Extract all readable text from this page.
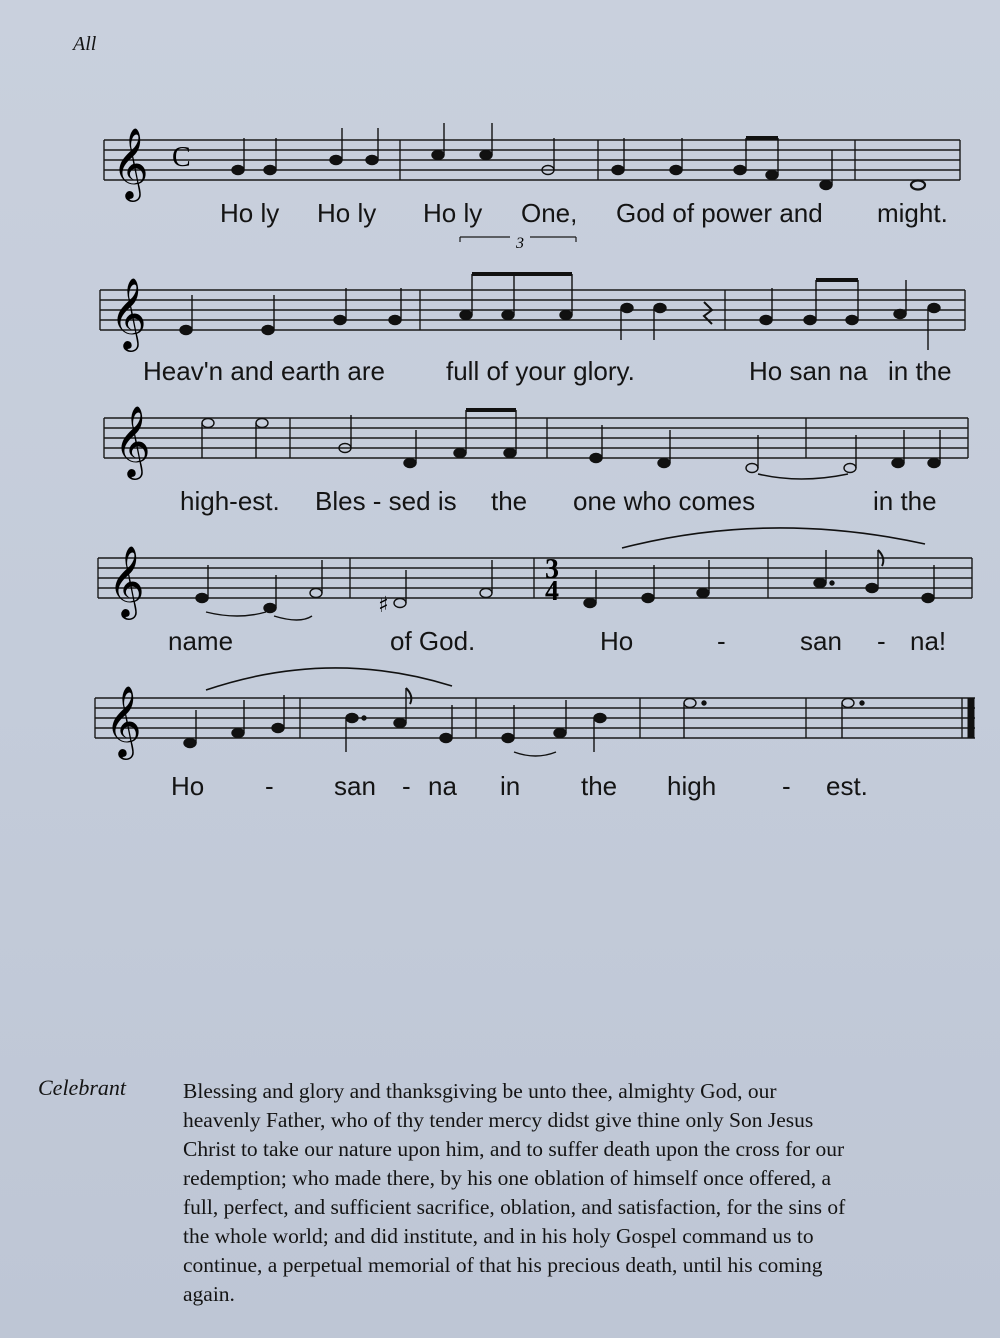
All
𝄞 C
3
Ho ly Ho ly Ho ly One, God of power and might.
𝄞
Heav'n and earth are full of your glory.	Ho san na in the
𝄞
high-est. Bles - sed is the one who comes	in the
𝄞	3
4
♯
name	of God.	Ho	-	san - na!
𝄞
Ho - san - na in the high	- est.
Celebrant	Blessing and glory and thanksgiving be unto thee, almighty God, our
heavenly Father, who of thy tender mercy didst give thine only Son Jesus
Christ to take our nature upon him, and to suffer death upon the cross for our
redemption; who made there, by his one oblation of himself once offered, a
full, perfect, and sufficient sacrifice, oblation, and satisfaction, for the sins of
the whole world; and did institute, and in his holy Gospel command us to
continue, a perpetual memorial of that his precious death, until his coming
again.
